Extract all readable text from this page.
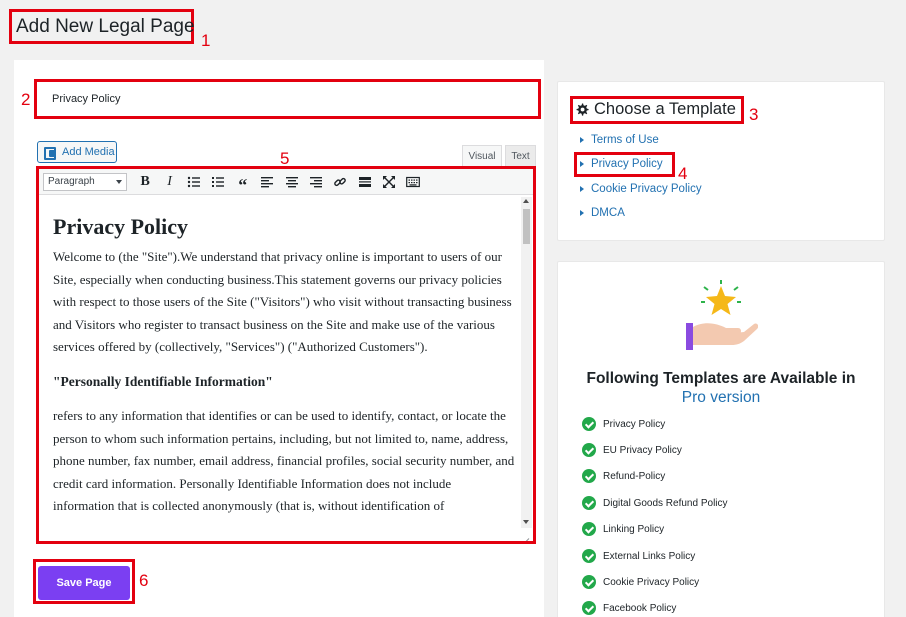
Add New Legal Page
1
Privacy Policy
2
Add Media	5	Visual	Text
Paragraph	B	I	“
Privacy Policy

Welcome to (the "Site").We understand that privacy online is important to users of our Site, especially when conducting business.This statement governs our privacy policies with respect to those users of the Site ("Visitors") who visit without transacting business and Visitors who register to transact business on the Site and make use of the various services offered by (collectively, "Services") ("Authorized Customers").

"Personally Identifiable Information"

refers to any information that identifies or can be used to identify, contact, or locate the person to whom such information pertains, including, but not limited to, name, address, phone number, fax number, email address, financial profiles, social security number, and credit card information. Personally Identifiable Information does not include information that is collected anonymously (that is, without identification of

Save Page	6
Choose a Template 3
Terms of Use
Privacy Policy
Cookie Privacy Policy
DMCA
4
Following Templates are Available in
Pro version
Privacy Policy
EU Privacy Policy
Refund-Policy
Digital Goods Refund Policy
Linking Policy
External Links Policy
Cookie Privacy Policy
Facebook Policy
